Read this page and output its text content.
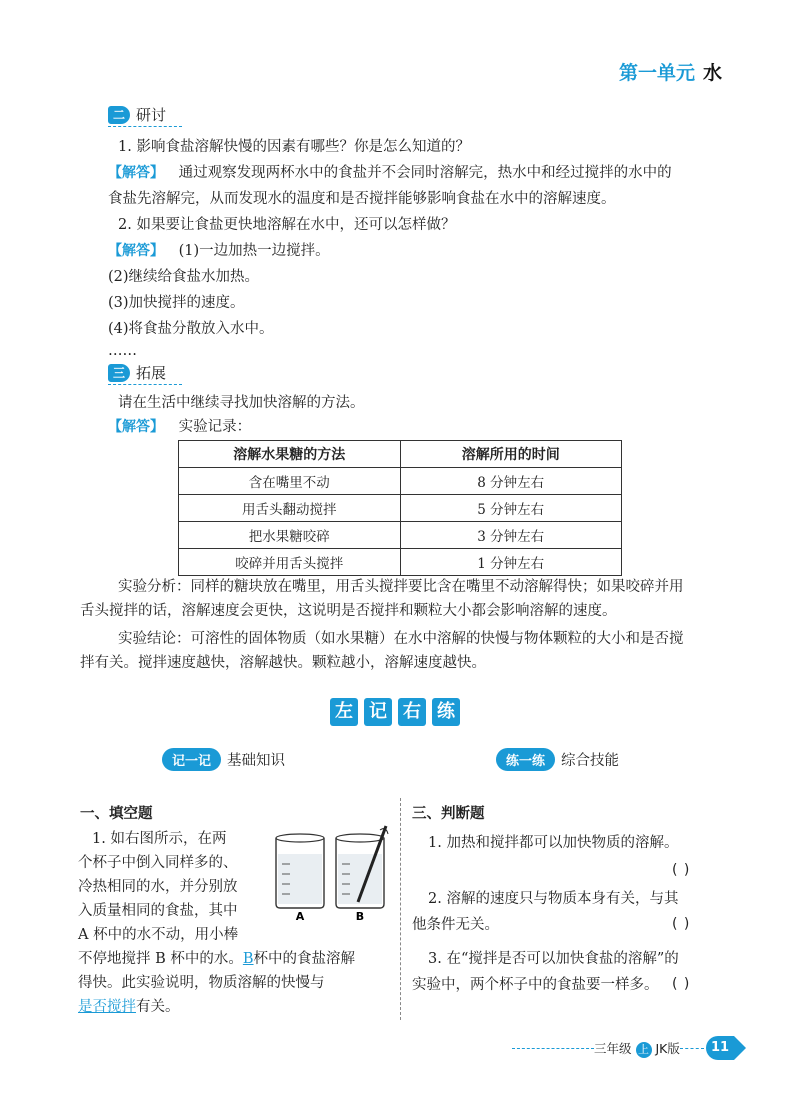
第一单元 水
二 研讨
1. 影响食盐溶解快慢的因素有哪些？你是怎么知道的？
【解答】 通过观察发现两杯水中的食盐并不会同时溶解完，热水中和经过搅拌的水中的
食盐先溶解完，从而发现水的温度和是否搅拌能够影响食盐在水中的溶解速度。
2. 如果要让食盐更快地溶解在水中，还可以怎样做？
【解答】 (1)一边加热一边搅拌。
(2)继续给食盐水加热。
(3)加快搅拌的速度。
(4)将食盐分散放入水中。
……
三 拓展
请在生活中继续寻找加快溶解的方法。
【解答】 实验记录：
溶解水果糖的方法	溶解所用的时间
含在嘴里不动	8 分钟左右
用舌头翻动搅拌	5 分钟左右
把水果糖咬碎	3 分钟左右
咬碎并用舌头搅拌	1 分钟左右
实验分析：同样的糖块放在嘴里，用舌头搅拌要比含在嘴里不动溶解得快；如果咬碎并用
舌头搅拌的话，溶解速度会更快，这说明是否搅拌和颗粒大小都会影响溶解的速度。
实验结论：可溶性的固体物质（如水果糖）在水中溶解的快慢与物体颗粒的大小和是否搅
拌有关。搅拌速度越快，溶解越快。颗粒越小，溶解速度越快。
左 记 右 练
记一记	基础知识	练一练	综合技能
一、填空题
1. 如右图所示，在两
个杯子中倒入同样多的、
冷热相同的水，并分别放
入质量相同的食盐，其中
A 杯中的水不动，用小棒
不停地搅拌 B 杯中的水。B杯中的食盐溶解
得快。此实验说明，物质溶解的快慢与
是否搅拌有关。
A	B
三、判断题
1. 加热和搅拌都可以加快物质的溶解。
( )
2. 溶解的速度只与物质本身有关，与其
他条件无关。	( )
3. 在“搅拌是否可以加快食盐的溶解”的
实验中，两个杯子中的食盐要一样多。 ( )
三年级 上 JK版	11
